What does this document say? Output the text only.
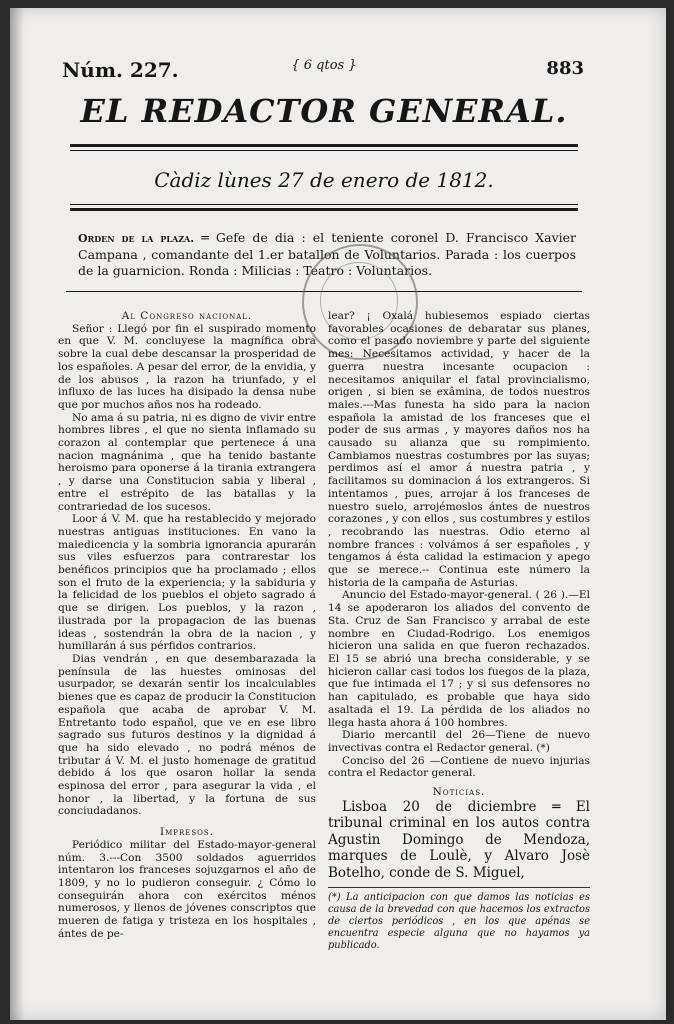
Núm. 227.	{ 6 qtos }	883
EL REDACTOR GENERAL.
Càdiz lùnes 27 de enero de 1812.
Orden de la plaza. ═ Gefe de dia : el teniente coronel D. Francisco Xavier Campana , comandante del 1.er batallon de Voluntarios. Parada : los cuerpos de la guarnicion. Ronda : Milicias : Teatro : Voluntarios.

Al Congreso nacional.

Señor : Llegó por fin el suspirado momento en que V. M. concluyese la magnífica obra sobre la cual debe descansar la prosperidad de los españoles. A pesar del error, de la envidia, y de los abusos , la razon ha triunfado, y el influxo de las luces ha disipado la densa nube que por muchos años nos ha rodeado.

No ama á su patria, ni es digno de vivir entre hombres libres , el que no sienta inflamado su corazon al contemplar que pertenece á una nacion magnánima , que ha tenido bastante heroismo para oponerse á la tirania extrangera , y darse una Constitucion sabia y liberal , entre el estrépito de las batallas y la contrariedad de los sucesos.

Loor á V. M. que ha restablecido y mejorado nuestras antiguas instituciones. En vano la maledicencia y la sombria ignorancia apurarán sus viles esfuerzos para contrarestar los benéficos principios que ha proclamado ; ellos son el fruto de la experiencia; y la sabiduria y la felicidad de los pueblos el objeto sagrado á que se dirigen. Los pueblos, y la razon , ilustrada por la propagacion de las buenas ideas , sostendrán la obra de la nacion , y humillarán á sus pérfidos contrarios.

Dias vendrán , en que desembarazada la península de las huestes ominosas del usurpador, se dexarán sentir los incalculables bienes que es capaz de producir la Constitucion española que acaba de aprobar V. M. Entretanto todo español, que ve en ese libro sagrado sus futuros destinos y la dignidad á que ha sido elevado , no podrá ménos de tributar á V. M. el justo homenage de gratitud debido á los que osaron hollar la senda espinosa del error , para asegurar la vida , el honor , la libertad, y la fortuna de sus conciudadanos.

Impresos.

Periódico militar del Estado-mayor-general núm. 3.---Con 3500 soldados aguerridos intentaron los franceses sojuzgarnos el año de 1809, y no lo pudieron conseguir. ¿ Cómo lo conseguirán ahora con exércitos ménos numerosos, y llenos de jóvenes conscriptos que mueren de fatiga y tristeza en los hospitales , ántes de pe-

lear? ¡ Oxalá hubiesemos espiado ciertas favorables ocasiones de debaratar sus planes, como el pasado noviembre y parte del siguiente mes: Necesitamos actividad, y hacer de la guerra nuestra incesante ocupacion : necesitamos aniquilar el fatal provincialismo, origen , si bien se exâmina, de todos nuestros males.---Mas funesta ha sido para la nacion española la amistad de los franceses que el poder de sus armas , y mayores daños nos ha causado su alianza que su rompimiento. Cambiamos nuestras costumbres por las suyas; perdimos así el amor á nuestra patria , y facilitamos su dominacion á los extrangeros. Si intentamos , pues, arrojar á los franceses de nuestro suelo, arrojémoslos ántes de nuestros corazones , y con ellos , sus costumbres y estilos , recobrando las nuestras. Odio eterno al nombre frances : volvámos á ser españoles , y tengamos á ésta calidad la estimacion y apego que se merece.-- Continua este número la historia de la campaña de Asturias.

Anuncio del Estado-mayor-general. ( 26 ).—El 14 se apoderaron los aliados del convento de Sta. Cruz de San Francisco y arrabal de este nombre en Ciudad-Rodrigo. Los enemigos hicieron una salida en que fueron rechazados. El 15 se abrió una brecha considerable, y se hicieron callar casi todos los fuegos de la plaza, que fue intimada el 17 ; y si sus defensores no han capitulado, es probable que haya sido asaltada el 19. La pérdida de los aliados no llega hasta ahora á 100 hombres.

Diario mercantil del 26—Tiene de nuevo invectivas contra el Redactor general. (*)

Conciso del 26 —Contiene de nuevo injurias contra el Redactor general.

Noticias.

Lisboa 20 de diciembre ═ El tribunal criminal en los autos contra Agustin Domingo de Mendoza, marques de Loulè, y Alvaro Josè Botelho, conde de S. Miguel,

(*) La anticipacion con que damos las noticias es causa de la brevedad con que hacemos los extractos de ciertos periódicos , en los que apénas se encuentra especie alguna que no hayamos ya publicado.
